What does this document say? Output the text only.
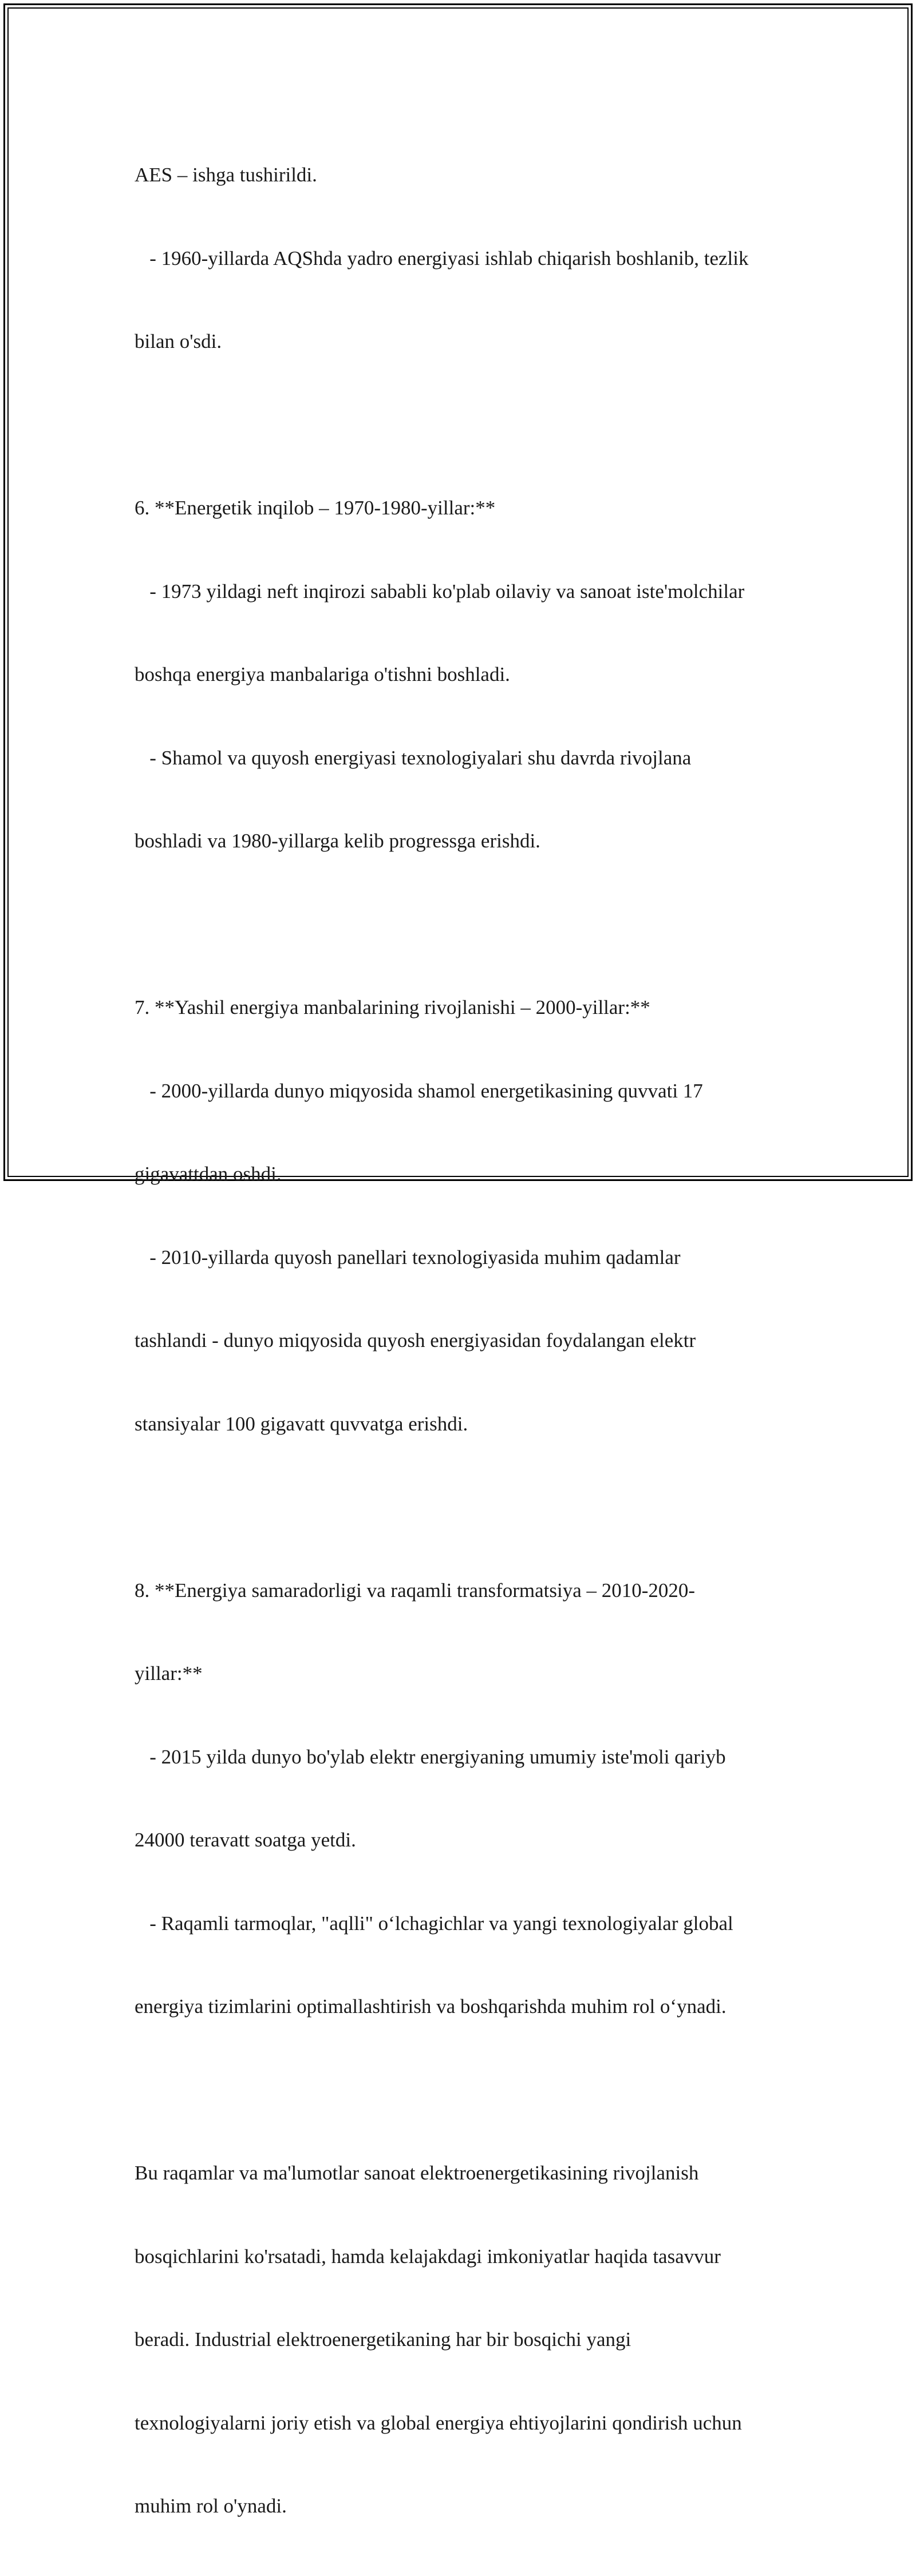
AES – ishga tushirildi.

- 1960-yillarda AQShda yadro energiyasi ishlab chiqarish boshlanib, tezlik

bilan o'sdi.

6. **Energetik inqilob – 1970-1980-yillar:**

- 1973 yildagi neft inqirozi sababli ko'plab oilaviy va sanoat iste'molchilar

boshqa energiya manbalariga o'tishni boshladi.

- Shamol va quyosh energiyasi texnologiyalari shu davrda rivojlana

boshladi va 1980-yillarga kelib progressga erishdi.

7. **Yashil energiya manbalarining rivojlanishi – 2000-yillar:**

- 2000-yillarda dunyo miqyosida shamol energetikasining quvvati 17

gigavattdan oshdi.

- 2010-yillarda quyosh panellari texnologiyasida muhim qadamlar

tashlandi - dunyo miqyosida quyosh energiyasidan foydalangan elektr

stansiyalar 100 gigavatt quvvatga erishdi.

8. **Energiya samaradorligi va raqamli transformatsiya – 2010-2020-

yillar:**

- 2015 yilda dunyo bo'ylab elektr energiyaning umumiy iste'moli qariyb

24000 teravatt soatga yetdi.

- Raqamli tarmoqlar, "aqlli" o‘lchagichlar va yangi texnologiyalar global

energiya tizimlarini optimallashtirish va boshqarishda muhim rol o‘ynadi.

Bu raqamlar va ma'lumotlar sanoat elektroenergetikasining rivojlanish

bosqichlarini ko'rsatadi, hamda kelajakdagi imkoniyatlar haqida tasavvur

beradi. Industrial elektroenergetikaning har bir bosqichi yangi

texnologiyalarni joriy etish va global energiya ehtiyojlarini qondirish uchun

muhim rol o'ynadi.
